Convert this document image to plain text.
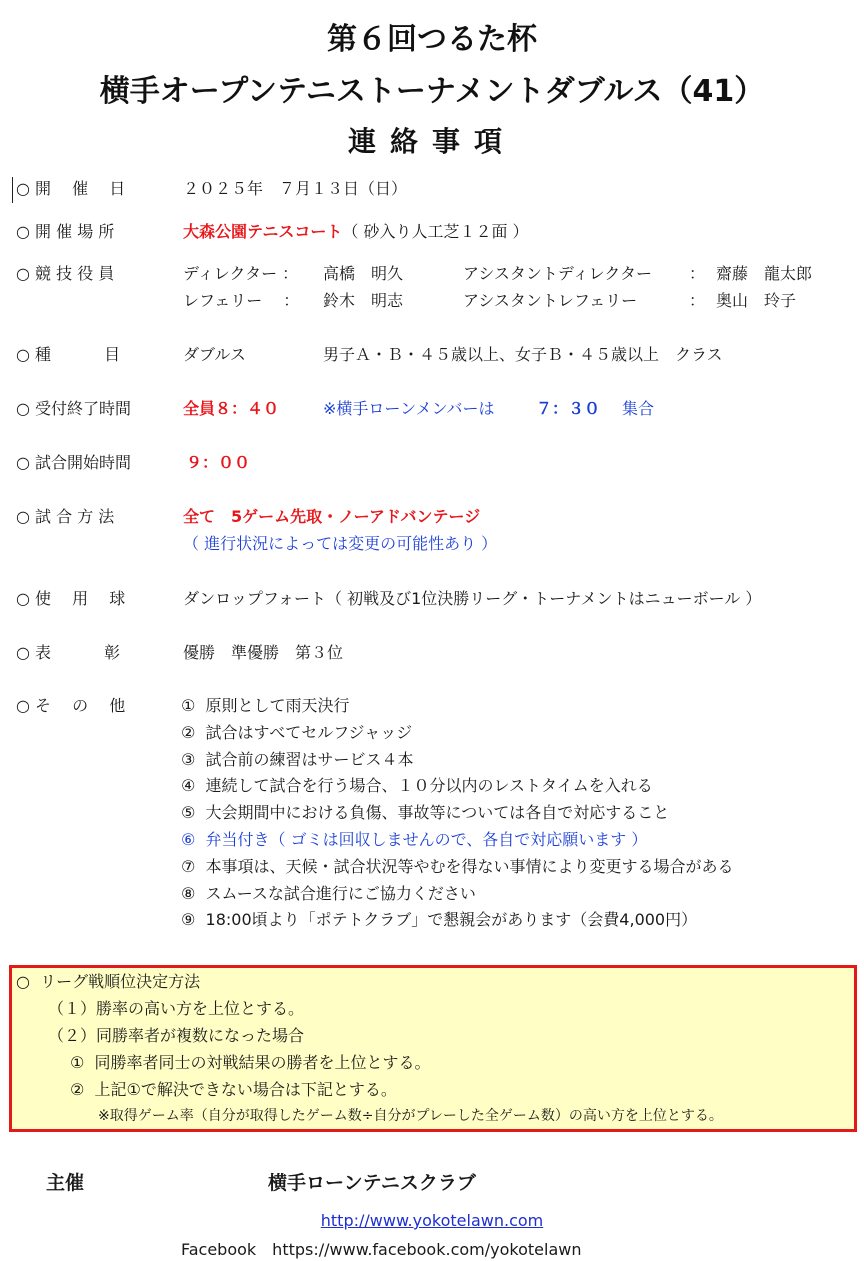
第６回つるた杯
横手オープンテニストーナメントダブルス（41）
連絡事項
○ 開　 催　 日	２０２５年　７月１３日（日）
○ 開 催 場 所	大森公園テニスコート（ 砂入り人工芝１２面 ）
○ 競 技 役 員	ディレクター ： 高橋　明久	アシスタントディレクター ： 齋藤　龍太郎
レフェリー　 ： 鈴木　明志	アシスタントレフェリー	： 奥山　玲子
○ 種　　　 目	ダブルス	男子Ａ・Ｂ・４５歳以上、女子Ｂ・４５歳以上　クラス
○ 受付終了時間	全員８：４０	※横手ローンメンバーは	７：３０ 集合
○ 試合開始時間	９：００
○ 試 合 方 法	全て　5ゲーム先取・ノーアドバンテージ
（ 進行状況によっては変更の可能性あり ）
○ 使　 用　 球	ダンロップフォート（ 初戦及び1位決勝リーグ・トーナメントはニューボール ）
○ 表　　　 彰	優勝　準優勝　第３位
○ そ　 の　 他	①  原則として雨天決行
②  試合はすべてセルフジャッジ
③  試合前の練習はサービス４本
④  連続して試合を行う場合、１０分以内のレストタイムを入れる
⑤  大会期間中における負傷、事故等については各自で対応すること
⑥  弁当付き（ ゴミは回収しませんので、各自で対応願います ）
⑦  本事項は、天候・試合状況等やむを得ない事情により変更する場合がある
⑧  スムースな試合進行にご協力ください
⑨  18:00頃より「ポテトクラブ」で懇親会があります（会費4,000円）
○  リーグ戦順位決定方法
（１）勝率の高い方を上位とする。
（２）同勝率者が複数になった場合
①  同勝率者同士の対戦結果の勝者を上位とする。
②  上記①で解決できない場合は下記とする。
※取得ゲーム率（自分が取得したゲーム数÷自分がプレーした全ゲーム数）の高い方を上位とする。
主催	横手ローンテニスクラブ
http://www.yokotelawn.com
Facebook　https://www.facebook.com/yokotelawn
